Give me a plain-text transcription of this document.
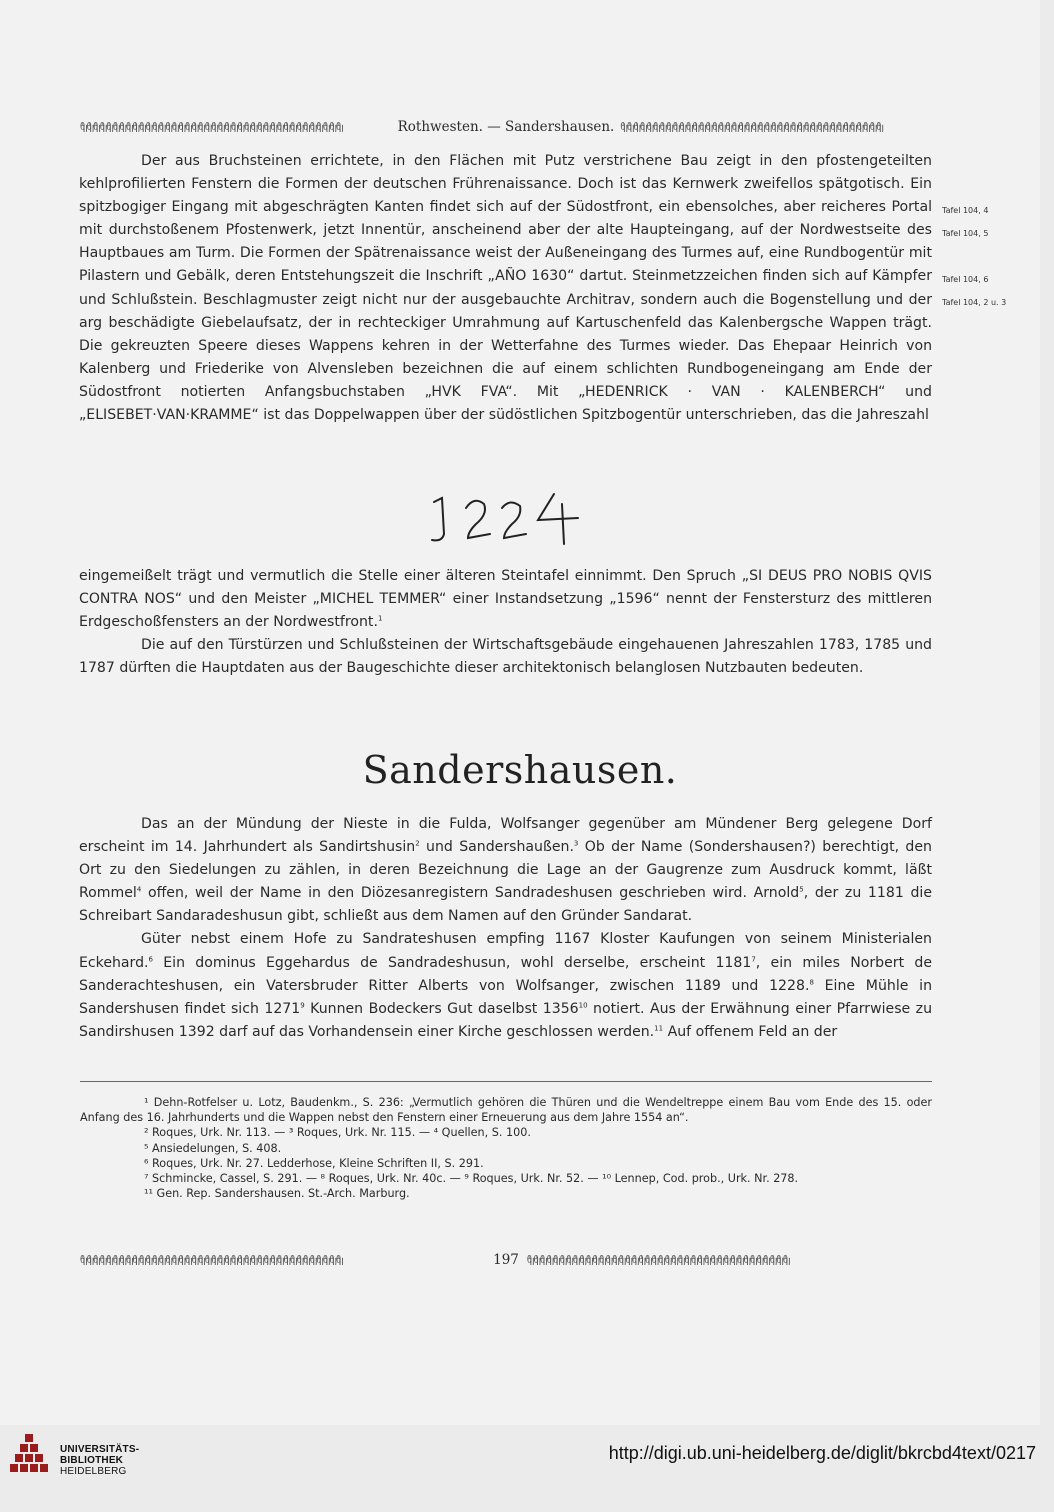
ᦿᦿᦿᦿᦿᦿᦿᦿᦿᦿᦿᦿᦿᦿᦿᦿᦿᦿᦿᦿᦿᦿᦿᦿᦿᦿᦿᦿᦿᦿᦿᦿᦿᦿᦿᦿᦿᦿᦿᦿ	Rothwesten. — Sandershausen. ᦿᦿᦿᦿᦿᦿᦿᦿᦿᦿᦿᦿᦿᦿᦿᦿᦿᦿᦿᦿᦿᦿᦿᦿᦿᦿᦿᦿᦿᦿᦿᦿᦿᦿᦿᦿᦿᦿᦿᦿ

Der aus Bruchsteinen errichtete, in den Flächen mit Putz verstrichene Bau zeigt in den pfostengeteilten kehlprofilierten Fenstern die Formen der deutschen Frührenaissance. Doch ist das Kernwerk zweifellos spätgotisch. Ein spitzbogiger Eingang mit abgeschrägten Kanten findet sich auf der Südostfront, ein ebensolches, aber reicheres Portal mit durchstoßenem Pfostenwerk, jetzt Innentür, anscheinend aber der alte Haupteingang, auf der Nordwestseite des Hauptbaues am Turm. Die Formen der Spätrenaissance weist der Außeneingang des Turmes auf, eine Rundbogentür mit Pilastern und Gebälk, deren Entstehungszeit die Inschrift „AÑO 1630“ dartut. Steinmetzzeichen finden sich auf Kämpfer und Schlußstein. Beschlagmuster zeigt nicht nur der ausgebauchte Architrav, sondern auch die Bogenstellung und der arg beschädigte Giebelaufsatz, der in rechteckiger Umrahmung auf Kartuschenfeld das Kalenbergsche Wappen trägt. Die gekreuzten Speere dieses Wappens kehren in der Wetterfahne des Turmes wieder. Das Ehepaar Heinrich von Kalenberg und Friederike von Alvensleben bezeichnen die auf einem schlichten Rundbogeneingang am Ende der Südostfront notierten Anfangsbuchstaben „HVK FVA“. Mit „HEDENRICK · VAN · KALENBERCH“ und „ELISEBET·VAN·KRAMME“ ist das Doppelwappen über der südöstlichen Spitzbogentür unterschrieben, das die Jahreszahl

Tafel 104, 4
Tafel 104, 5
Tafel 104, 6
Tafel 104, 2 u. 3

eingemeißelt trägt und vermutlich die Stelle einer älteren Steintafel einnimmt. Den Spruch „SI DEUS PRO NOBIS QVIS CONTRA NOS“ und den Meister „MICHEL TEMMER“ einer Instandsetzung „1596“ nennt der Fenstersturz des mittleren Erdgeschoßfensters an der Nordwestfront.$^1$

Die auf den Türstürzen und Schlußsteinen der Wirtschaftsgebäude eingehauenen Jahreszahlen 1783, 1785 und 1787 dürften die Hauptdaten aus der Baugeschichte dieser architektonisch belanglosen Nutzbauten bedeuten.

Sandershausen.

Das an der Mündung der Nieste in die Fulda, Wolfsanger gegenüber am Mündener Berg gelegene Dorf erscheint im 14. Jahrhundert als Sandirtshusin$^2$ und Sandershaußen.$^3$ Ob der Name (Sondershausen?) berechtigt, den Ort zu den Siedelungen zu zählen, in deren Bezeichnung die Lage an der Gaugrenze zum Ausdruck kommt, läßt Rommel$^4$ offen, weil der Name in den Diözesanregistern Sandradeshusen geschrieben wird. Arnold$^5$, der zu 1181 die Schreibart Sandaradeshusun gibt, schließt aus dem Namen auf den Gründer Sandarat.

Güter nebst einem Hofe zu Sandrateshusen empfing 1167 Kloster Kaufungen von seinem Ministerialen Eckehard.$^6$ Ein dominus Eggehardus de Sandradeshusun, wohl derselbe, erscheint 1181$^7$, ein miles Norbert de Sanderachteshusen, ein Vatersbruder Ritter Alberts von Wolfsanger, zwischen 1189 und 1228.$^8$ Eine Mühle in Sandershusen findet sich 1271$^9$ Kunnen Bodeckers Gut daselbst 1356$^{10}$ notiert. Aus der Erwähnung einer Pfarrwiese zu Sandirshusen 1392 darf auf das Vorhandensein einer Kirche geschlossen werden.$^{11}$ Auf offenem Feld an der

¹ Dehn-Rotfelser u. Lotz, Baudenkm., S. 236: „Vermutlich gehören die Thüren und die Wendeltreppe einem Bau vom Ende des 15. oder Anfang des 16. Jahrhunderts und die Wappen nebst den Fenstern einer Erneuerung aus dem Jahre 1554 an“.

² Roques, Urk. Nr. 113. — ³ Roques, Urk. Nr. 115. — ⁴ Quellen, S. 100.

⁵ Ansiedelungen, S. 408.

⁶ Roques, Urk. Nr. 27. Ledderhose, Kleine Schriften II, S. 291.

⁷ Schmincke, Cassel, S. 291. — ⁸ Roques, Urk. Nr. 40c. — ⁹ Roques, Urk. Nr. 52. — ¹⁰ Lennep, Cod. prob., Urk. Nr. 278.

¹¹ Gen. Rep. Sandershausen. St.-Arch. Marburg.

ᦿᦿᦿᦿᦿᦿᦿᦿᦿᦿᦿᦿᦿᦿᦿᦿᦿᦿᦿᦿᦿᦿᦿᦿᦿᦿᦿᦿᦿᦿᦿᦿᦿᦿᦿᦿᦿᦿᦿᦿ	197 ᦿᦿᦿᦿᦿᦿᦿᦿᦿᦿᦿᦿᦿᦿᦿᦿᦿᦿᦿᦿᦿᦿᦿᦿᦿᦿᦿᦿᦿᦿᦿᦿᦿᦿᦿᦿᦿᦿᦿᦿ
UNIVERSITÄTS-
BIBLIOTHEK
HEIDELBERG
http://digi.ub.uni-heidelberg.de/diglit/bkrcbd4text/0217
